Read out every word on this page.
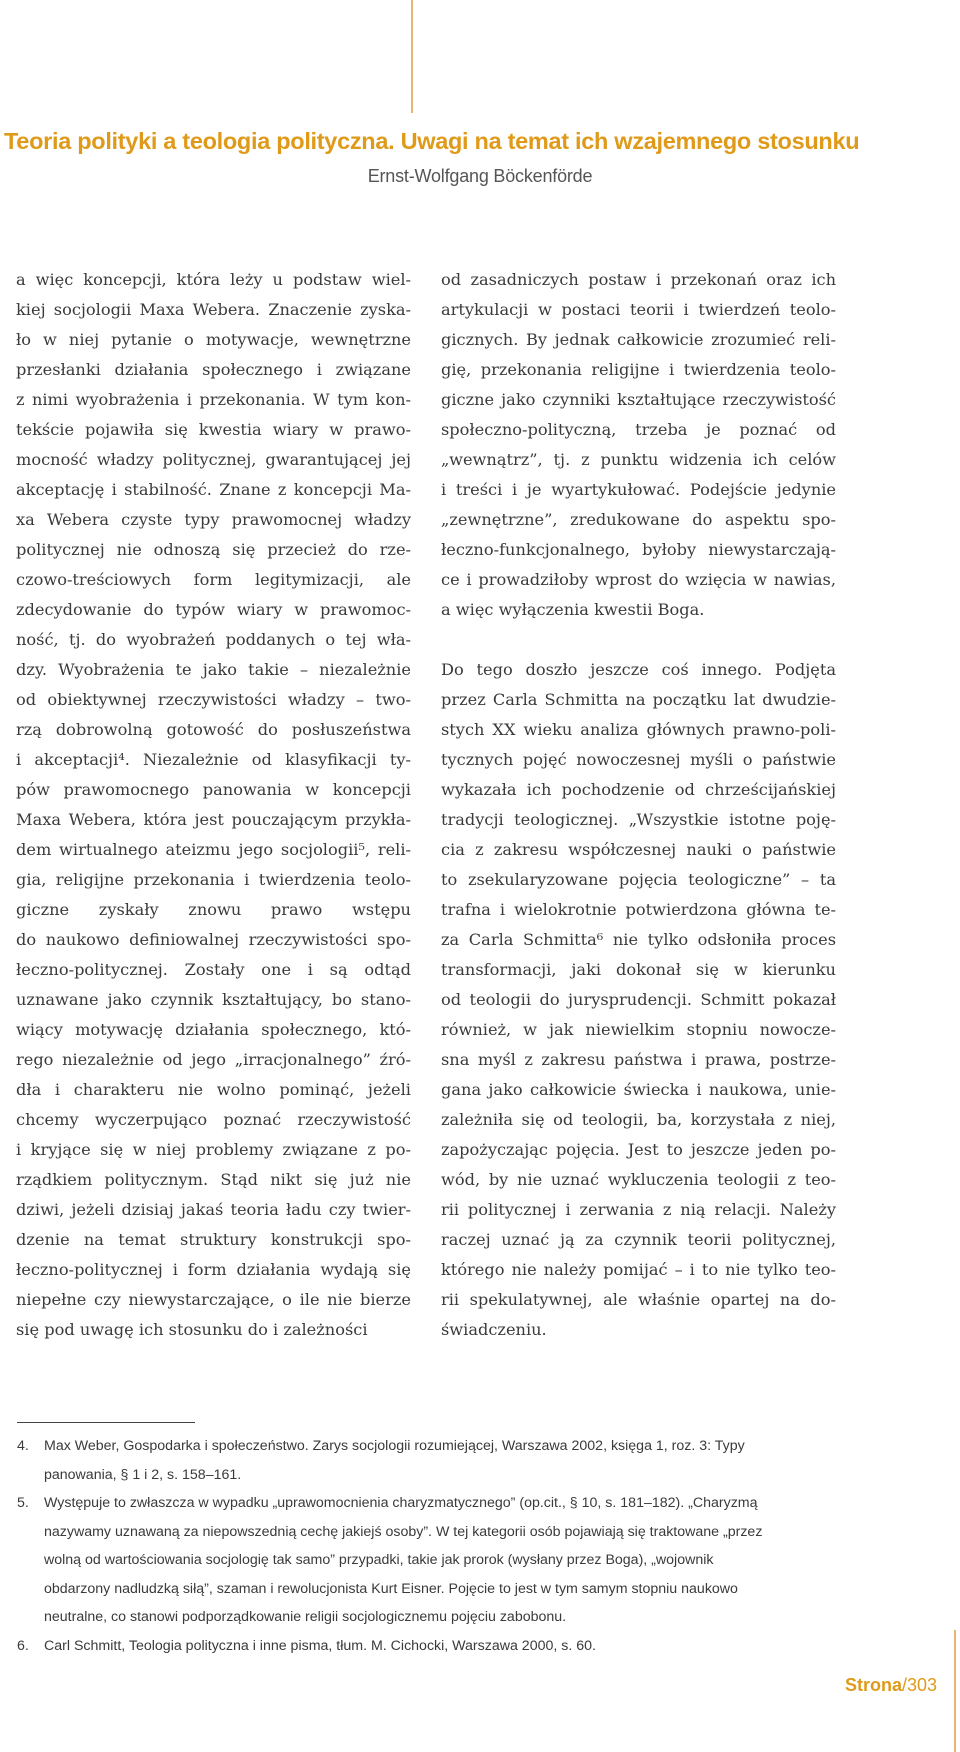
Teoria polityki a teologia polityczna. Uwagi na temat ich wzajemnego stosunku
Ernst-Wolfgang Böckenförde
a więc koncepcji, która leży u podstaw wiel-
kiej socjologii Maxa Webera. Znaczenie zyska-
ło w niej pytanie o motywacje, wewnętrzne
przesłanki działania społecznego i związane
z nimi wyobrażenia i przekonania. W tym kon-
tekście pojawiła się kwestia wiary w prawo-
mocność władzy politycznej, gwarantującej jej
akceptację i stabilność. Znane z koncepcji Ma-
xa Webera czyste typy prawomocnej władzy
politycznej nie odnoszą się przecież do rze-
czowo-treściowych form legitymizacji, ale
zdecydowanie do typów wiary w prawomoc-
ność, tj. do wyobrażeń poddanych o tej wła-
dzy. Wyobrażenia te jako takie – niezależnie
od obiektywnej rzeczywistości władzy – two-
rzą dobrowolną gotowość do posłuszeństwa
i akceptacji⁴. Niezależnie od klasyfikacji ty-
pów prawomocnego panowania w koncepcji
Maxa Webera, która jest pouczającym przykła-
dem wirtualnego ateizmu jego socjologii⁵, reli-
gia, religijne przekonania i twierdzenia teolo-
giczne zyskały znowu prawo wstępu
do naukowo definiowalnej rzeczywistości spo-
łeczno-politycznej. Zostały one i są odtąd
uznawane jako czynnik kształtujący, bo stano-
wiący motywację działania społecznego, któ-
rego niezależnie od jego „irracjonalnego” źró-
dła i charakteru nie wolno pominąć, jeżeli
chcemy wyczerpująco poznać rzeczywistość
i kryjące się w niej problemy związane z po-
rządkiem politycznym. Stąd nikt się już nie
dziwi, jeżeli dzisiaj jakaś teoria ładu czy twier-
dzenie na temat struktury konstrukcji spo-
łeczno-politycznej i form działania wydają się
niepełne czy niewystarczające, o ile nie bierze
się pod uwagę ich stosunku do i zależności
od zasadniczych postaw i przekonań oraz ich
artykulacji w postaci teorii i twierdzeń teolo-
gicznych. By jednak całkowicie zrozumieć reli-
gię, przekonania religijne i twierdzenia teolo-
giczne jako czynniki kształtujące rzeczywistość
społeczno-polityczną, trzeba je poznać od
„wewnątrz”, tj. z punktu widzenia ich celów
i treści i je wyartykułować. Podejście jedynie
„zewnętrzne”, zredukowane do aspektu spo-
łeczno-funkcjonalnego, byłoby niewystarczają-
ce i prowadziłoby wprost do wzięcia w nawias,
a więc wyłączenia kwestii Boga.
Do tego doszło jeszcze coś innego. Podjęta
przez Carla Schmitta na początku lat dwudzie-
stych XX wieku analiza głównych prawno-poli-
tycznych pojęć nowoczesnej myśli o państwie
wykazała ich pochodzenie od chrześcijańskiej
tradycji teologicznej. „Wszystkie istotne poję-
cia z zakresu współczesnej nauki o państwie
to zsekularyzowane pojęcia teologiczne” – ta
trafna i wielokrotnie potwierdzona główna te-
za Carla Schmitta⁶ nie tylko odsłoniła proces
transformacji, jaki dokonał się w kierunku
od teologii do jurysprudencji. Schmitt pokazał
również, w jak niewielkim stopniu nowocze-
sna myśl z zakresu państwa i prawa, postrze-
gana jako całkowicie świecka i naukowa, unie-
zależniła się od teologii, ba, korzystała z niej,
zapożyczając pojęcia. Jest to jeszcze jeden po-
wód, by nie uznać wykluczenia teologii z teo-
rii politycznej i zerwania z nią relacji. Należy
raczej uznać ją za czynnik teorii politycznej,
którego nie należy pomijać – i to nie tylko teo-
rii spekulatywnej, ale właśnie opartej na do-
świadczeniu.
4. Max Weber, Gospodarka i społeczeństwo. Zarys socjologii rozumiejącej, Warszawa 2002, księga 1, roz. 3: Typy
panowania, § 1 i 2, s. 158–161.
5. Występuje to zwłaszcza w wypadku „uprawomocnienia charyzmatycznego” (op.cit., § 10, s. 181–182). „Charyzmą
nazywamy uznawaną za niepowszednią cechę jakiejś osoby”. W tej kategorii osób pojawiają się traktowane „przez
wolną od wartościowania socjologię tak samo” przypadki, takie jak prorok (wysłany przez Boga), „wojownik
obdarzony nadludzką siłą”, szaman i rewolucjonista Kurt Eisner. Pojęcie to jest w tym samym stopniu naukowo
neutralne, co stanowi podporządkowanie religii socjologicznemu pojęciu zabobonu.
6. Carl Schmitt, Teologia polityczna i inne pisma, tłum. M. Cichocki, Warszawa 2000, s. 60.
Strona/303
